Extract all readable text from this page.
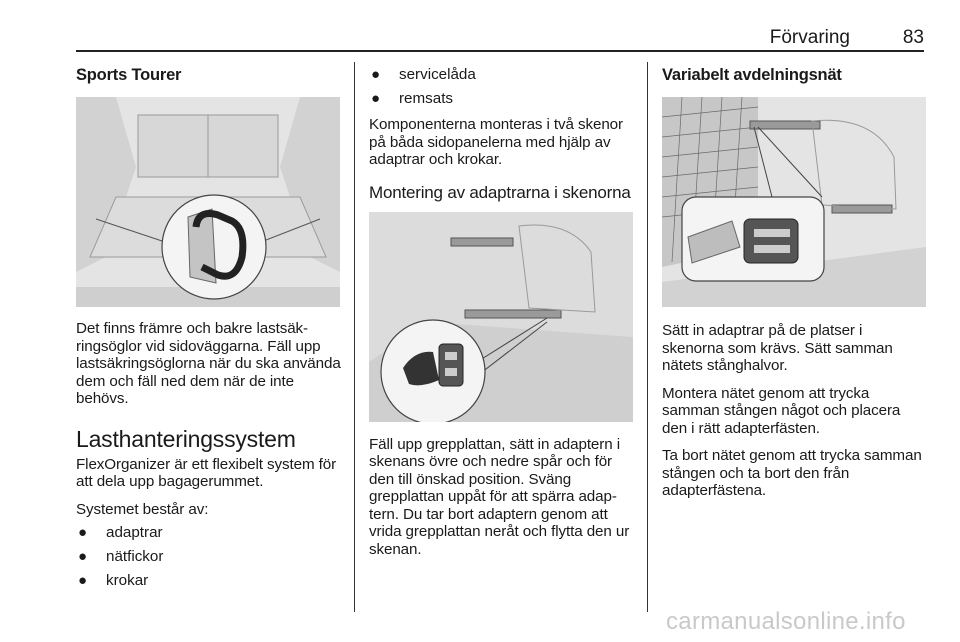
Förvaring	83
Sports Tourer

Det finns främre och bakre lastsäk-ringsöglor vid sidoväggarna. Fäll upp lastsäkringsöglorna när du ska använda dem och fäll ned dem när de inte behövs.

Lasthanteringssystem

FlexOrganizer är ett flexibelt system för att dela upp bagagerummet.

Systemet består av:

● adaptrar
● nätfickor
● krokar
● servicelåda
● remsats

Komponenterna monteras i två skenor på båda sidopanelerna med hjälp av adaptrar och krokar.

Montering av adaptrarna i skenorna

Fäll upp grepplattan, sätt in adaptern i skenans övre och nedre spår och för den till önskad position. Sväng grepplattan uppåt för att spärra adap-tern. Du tar bort adaptern genom att vrida grepplattan neråt och flytta den ur skenan.

Variabelt avdelningsnät

Sätt in adaptrar på de platser i skenorna som krävs. Sätt samman nätets stånghalvor.

Montera nätet genom att trycka samman stången något och placera den i rätt adapterfästen.

Ta bort nätet genom att trycka samman stången och ta bort den från adapterfästena.

carmanualsonline.info
